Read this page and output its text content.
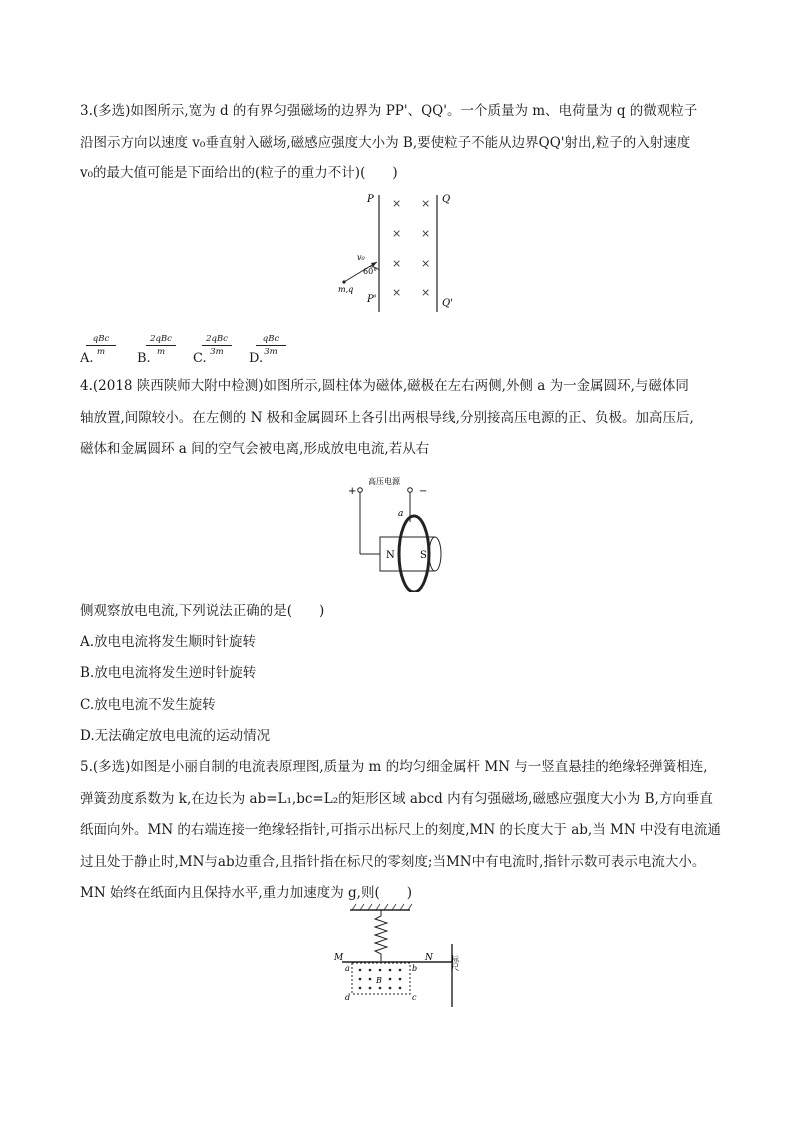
3.(多选)如图所示,宽为 d 的有界匀强磁场的边界为 PP'、QQ'。一个质量为 m、电荷量为 q 的微观粒子
沿图示方向以速度 v₀垂直射入磁场,磁感应强度大小为 B,要使粒子不能从边界QQ'射出,粒子的入射速度
v₀的最大值可能是下面给出的(粒子的重力不计)(　　)
P	Q
× ×
× ×
× ×
× ×
v₀
60°
m,q
P'	Q'
A.
qBc
m	B.
2qBc
m	C.
2qBc
3m	D.
qBc
3m
4.(2018 陕西陕师大附中检测)如图所示,圆柱体为磁体,磁极在左右两侧,外侧 a 为一金属圆环,与磁体同
轴放置,间隙较小。在左侧的 N 极和金属圆环上各引出两根导线,分别接高压电源的正、负极。加高压后,
磁体和金属圆环 a 间的空气会被电离,形成放电电流,若从右
+
高压电源
−
a
N	S
侧观察放电电流,下列说法正确的是(　　)
A.放电电流将发生顺时针旋转
B.放电电流将发生逆时针旋转
C.放电电流不发生旋转
D.无法确定放电电流的运动情况
5.(多选)如图是小丽自制的电流表原理图,质量为 m 的均匀细金属杆 MN 与一竖直悬挂的绝缘轻弹簧相连,
弹簧劲度系数为 k,在边长为 ab=L₁,bc=L₂的矩形区域 abcd 内有匀强磁场,磁感应强度大小为 B,方向垂直
纸面向外。MN 的右端连接一绝缘轻指针,可指示出标尺上的刻度,MN 的长度大于 ab,当 MN 中没有电流通
过且处于静止时,MN与ab边重合,且指针指在标尺的零刻度;当MN中有电流时,指针示数可表示电流大小。
MN 始终在纸面内且保持水平,重力加速度为 g,则(　　)
M	N 标尺
B
a	b
d	c
